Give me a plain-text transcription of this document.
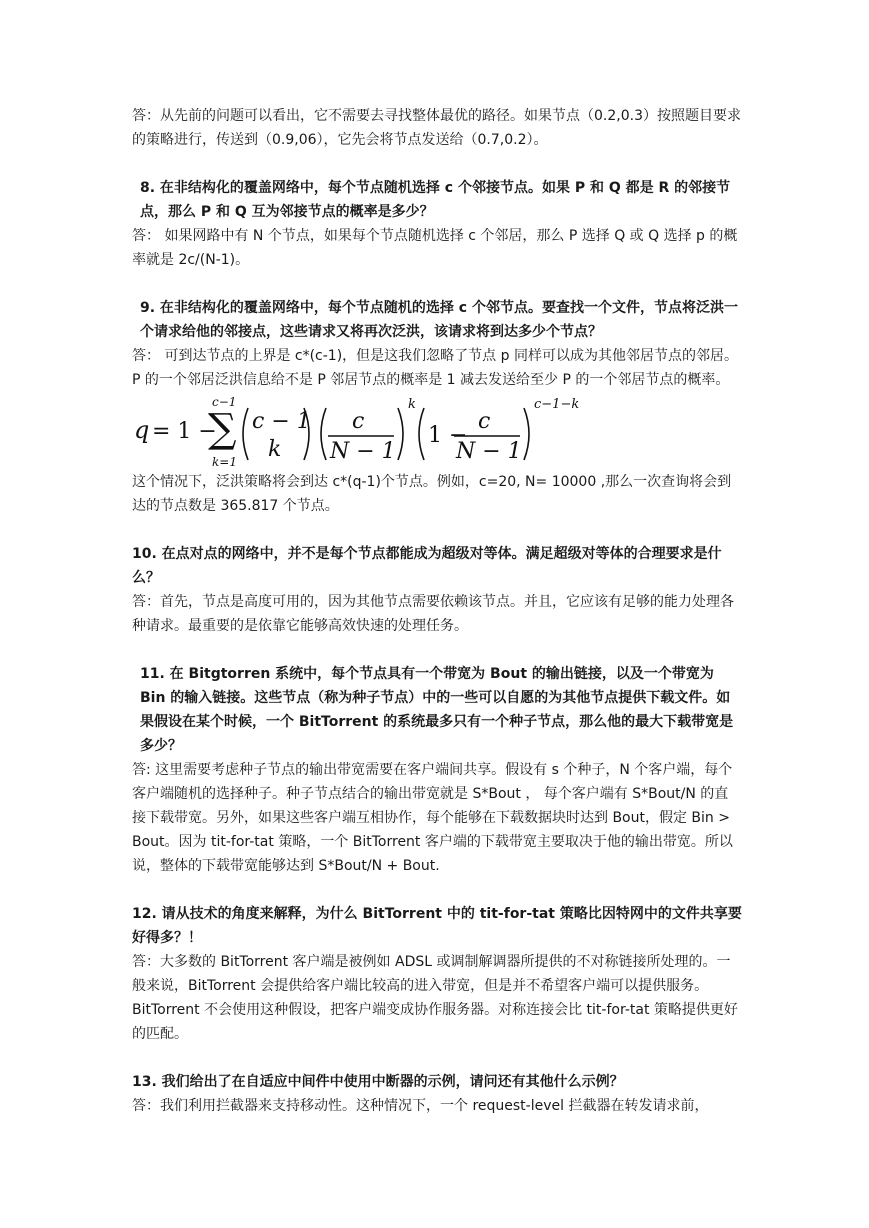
答：从先前的问题可以看出，它不需要去寻找整体最优的路径。如果节点（0.2,0.3）按照题目要求的策略进行，传送到（0.9,06），它先会将节点发送给（0.7,0.2）。

8. 在非结构化的覆盖网络中，每个节点随机选择 c 个邻接节点。如果 P 和 Q 都是 R 的邻接节点，那么 P 和 Q 互为邻接节点的概率是多少？

答： 如果网路中有 N 个节点，如果每个节点随机选择 c 个邻居，那么 P 选择 Q 或 Q 选择 p 的概率就是 2c/(N-1)。

9. 在非结构化的覆盖网络中，每个节点随机的选择 c 个邻节点。要查找一个文件，节点将泛洪一个请求给他的邻接点，这些请求又将再次泛洪，该请求将到达多少个节点？

答： 可到达节点的上界是 c*(c-1)，但是这我们忽略了节点 p 同样可以成为其他邻居节点的邻居。P 的一个邻居泛洪信息给不是 P 邻居节点的概率是 1 减去发送给至少 P 的一个邻居节点的概率。

q = 1 −
c−1
∑
k=1
c − 1
k
c
N − 1
k
1 −
c
N − 1
c−1−k

这个情况下，泛洪策略将会到达 c*(q-1)个节点。例如，c=20, N= 10000 ,那么一次查询将会到达的节点数是 365.817 个节点。

10. 在点对点的网络中，并不是每个节点都能成为超级对等体。满足超级对等体的合理要求是什么？

答：首先，节点是高度可用的，因为其他节点需要依赖该节点。并且，它应该有足够的能力处理各种请求。最重要的是依靠它能够高效快速的处理任务。

11. 在 Bitgtorren 系统中，每个节点具有一个带宽为 Bout 的输出链接，以及一个带宽为 Bin 的输入链接。这些节点（称为种子节点）中的一些可以自愿的为其他节点提供下载文件。如果假设在某个时候，一个 BitTorrent 的系统最多只有一个种子节点，那么他的最大下载带宽是多少？

答: 这里需要考虑种子节点的输出带宽需要在客户端间共享。假设有 s 个种子，N 个客户端，每个客户端随机的选择种子。种子节点结合的输出带宽就是 S*Bout ， 每个客户端有 S*Bout/N 的直接下载带宽。另外，如果这些客户端互相协作，每个能够在下载数据块时达到 Bout，假定 Bin > Bout。因为 tit-for-tat 策略，一个 BitTorrent 客户端的下载带宽主要取决于他的输出带宽。所以说，整体的下载带宽能够达到 S*Bout/N + Bout.

12. 请从技术的角度来解释，为什么 BitTorrent 中的 tit-for-tat 策略比因特网中的文件共享要好得多？！

答：大多数的 BitTorrent 客户端是被例如 ADSL 或调制解调器所提供的不对称链接所处理的。一般来说，BitTorrent 会提供给客户端比较高的进入带宽，但是并不希望客户端可以提供服务。BitTorrent 不会使用这种假设，把客户端变成协作服务器。对称连接会比 tit-for-tat 策略提供更好的匹配。

13. 我们给出了在自适应中间件中使用中断器的示例，请问还有其他什么示例？

答：我们利用拦截器来支持移动性。这种情况下，一个 request-level 拦截器在转发请求前，
